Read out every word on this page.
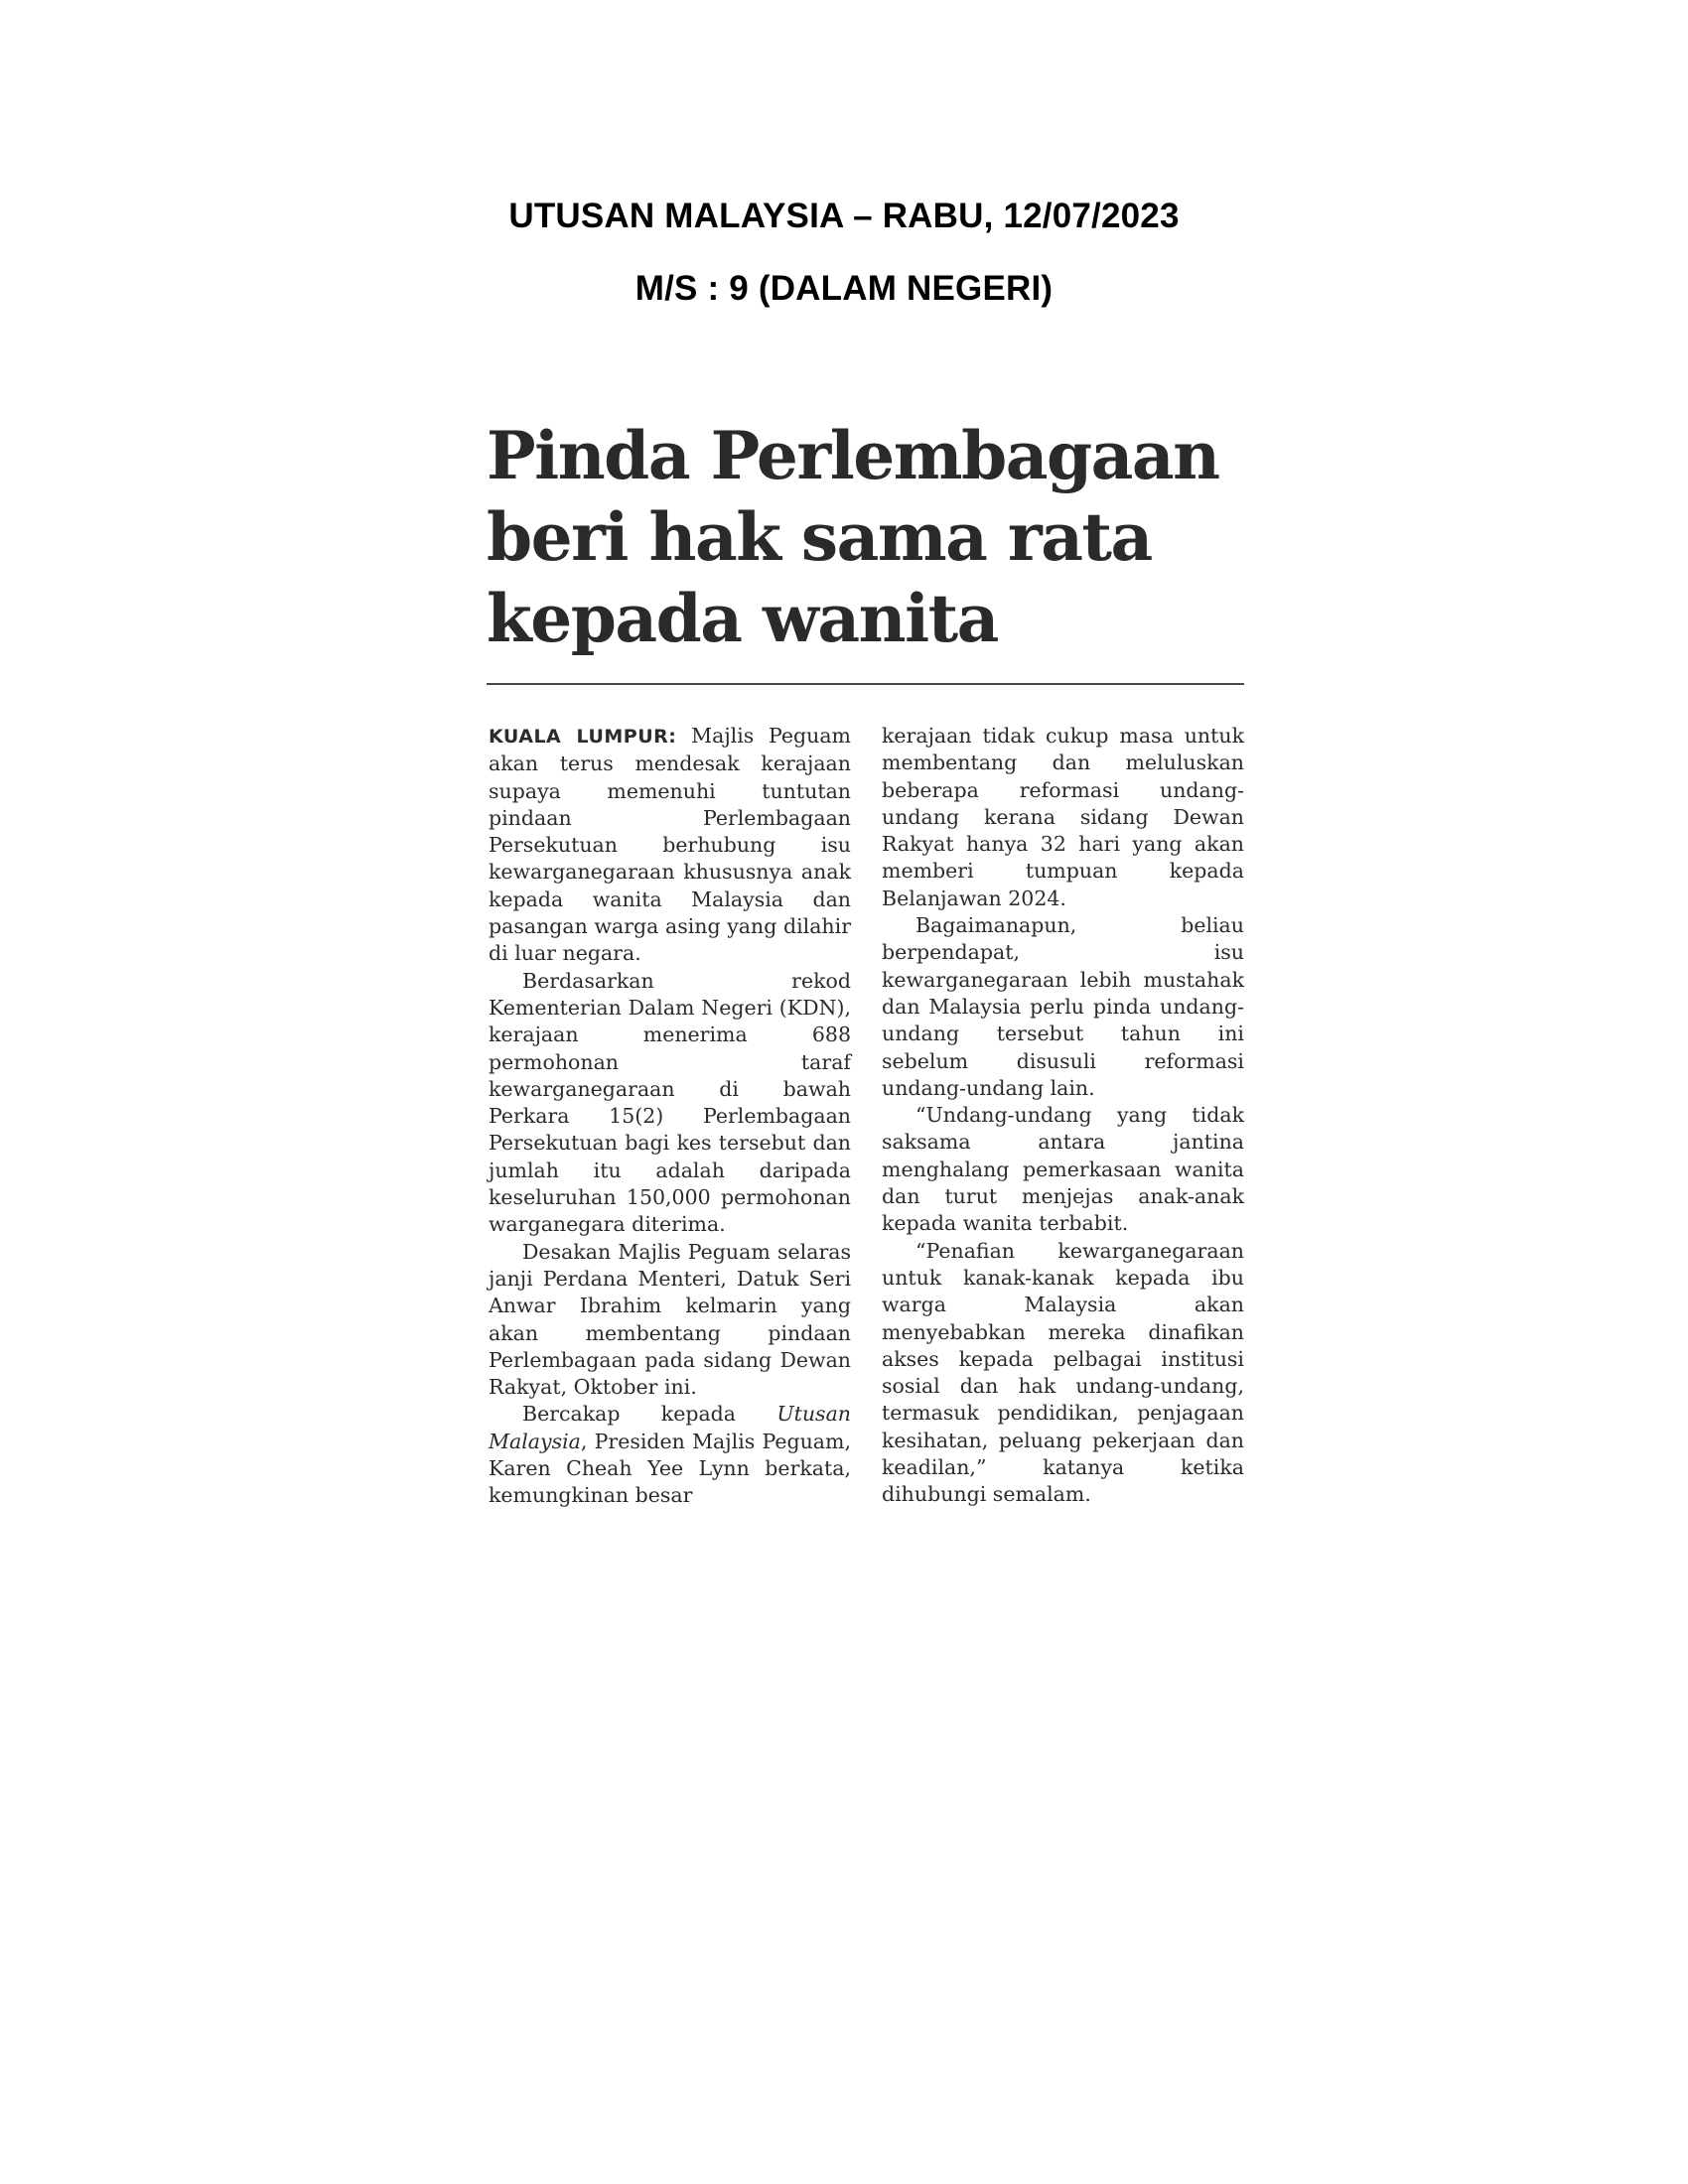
UTUSAN MALAYSIA – RABU, 12/07/2023
M/S : 9 (DALAM NEGERI)
Pinda Perlembagaan
beri hak sama rata
kepada wanita

KUALA LUMPUR: Majlis Peguam akan terus mendesak kerajaan supaya memenuhi tuntutan pindaan Perlembagaan Persekutuan berhubung isu kewarganegaraan khususnya anak kepada wanita Malaysia dan pasangan warga asing yang dilahir di luar negara.

Berdasarkan rekod Kementerian Dalam Negeri (KDN), kerajaan menerima 688 permohonan taraf kewarganegaraan di bawah Perkara 15(2) Perlembagaan Persekutuan bagi kes tersebut dan jumlah itu adalah daripada keseluruhan 150,000 permohonan warganegara diterima.

Desakan Majlis Peguam selaras janji Perdana Menteri, Datuk Seri Anwar Ibrahim kelmarin yang akan membentang pindaan Perlembagaan pada sidang Dewan Rakyat, Oktober ini.

Bercakap kepada Utusan Malaysia, Presiden Majlis Peguam, Karen Cheah Yee Lynn berkata, kemungkinan besar

kerajaan tidak cukup masa untuk membentang dan meluluskan beberapa reformasi undang-undang kerana sidang Dewan Rakyat hanya 32 hari yang akan memberi tumpuan kepada Belanjawan 2024.

Bagaimanapun, beliau berpendapat, isu kewarganegaraan lebih mustahak dan Malaysia perlu pinda undang-undang tersebut tahun ini sebelum disusuli reformasi undang-undang lain.

“Undang-undang yang tidak saksama antara jantina menghalang pemerkasaan wanita dan turut menjejas anak-anak kepada wanita terbabit.

“Penafian kewarganegaraan untuk kanak-kanak kepada ibu warga Malaysia akan menyebabkan mereka dinafikan akses kepada pelbagai institusi sosial dan hak undang-undang, termasuk pendidikan, penjagaan kesihatan, peluang pekerjaan dan keadilan,” katanya ketika dihubungi semalam.
